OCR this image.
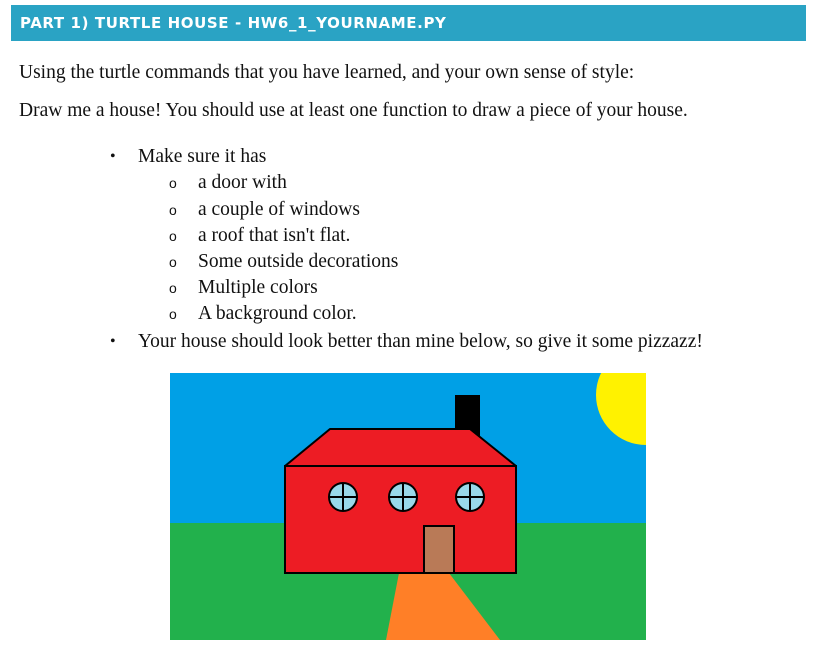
PART 1) TURTLE HOUSE - HW6_1_YOURNAME.PY
Using the turtle commands that you have learned, and your own sense of style:
Draw me a house! You should use at least one function to draw a piece of your house.
• Make sure it has
o a door with
o a couple of windows
o a roof that isn't flat.
o Some outside decorations
o Multiple colors
o A background color.
• Your house should look better than mine below, so give it some pizzazz!
